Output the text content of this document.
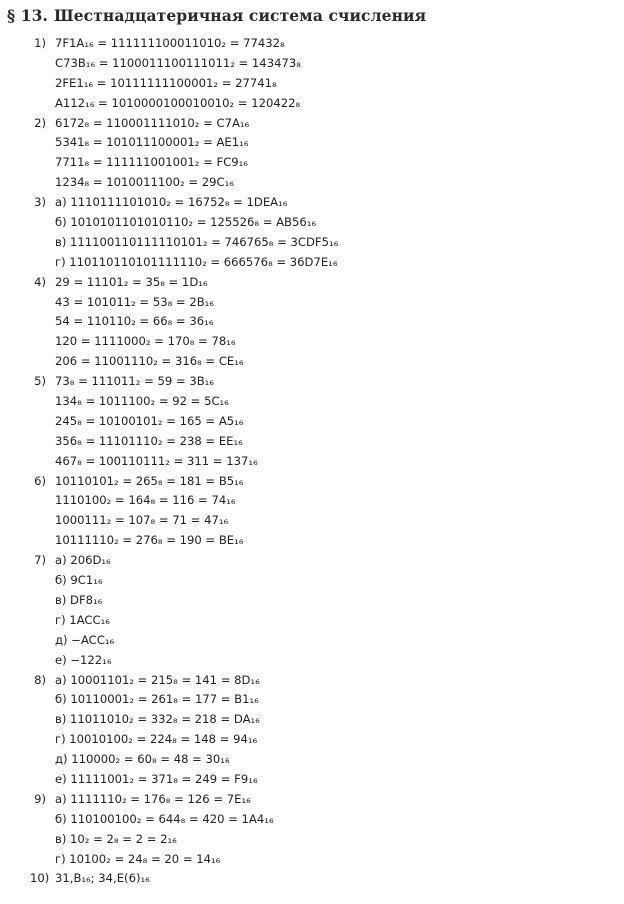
§ 13. Шестнадцатеричная система счисления
1) 7F1A₁₆ = 111111100011010₂ = 77432₈
C73B₁₆ = 1100011100111011₂ = 143473₈
2FE1₁₆ = 10111111100001₂ = 27741₈
A112₁₆ = 1010000100010010₂ = 120422₈
2) 6172₈ = 110001111010₂ = C7A₁₆
5341₈ = 101011100001₂ = AE1₁₆
7711₈ = 111111001001₂ = FC9₁₆
1234₈ = 1010011100₂ = 29C₁₆
3) а) 1110111101010₂ = 16752₈ = 1DEA₁₆
б) 1010101101010110₂ = 125526₈ = AB56₁₆
в) 111100110111110101₂ = 746765₈ = 3CDF5₁₆
г) 110110110101111110₂ = 666576₈ = 36D7E₁₆
4) 29 = 11101₂ = 35₈ = 1D₁₆
43 = 101011₂ = 53₈ = 2B₁₆
54 = 110110₂ = 66₈ = 36₁₆
120 = 1111000₂ = 170₈ = 78₁₆
206 = 11001110₂ = 316₈ = CE₁₆
5) 73₈ = 111011₂ = 59 = 3B₁₆
134₈ = 1011100₂ = 92 = 5C₁₆
245₈ = 10100101₂ = 165 = A5₁₆
356₈ = 11101110₂ = 238 = EE₁₆
467₈ = 100110111₂ = 311 = 137₁₆
6) 10110101₂ = 265₈ = 181 = B5₁₆
1110100₂ = 164₈ = 116 = 74₁₆
1000111₂ = 107₈ = 71 = 47₁₆
10111110₂ = 276₈ = 190 = BE₁₆
7) а) 206D₁₆
б) 9C1₁₆
в) DF8₁₆
г) 1ACC₁₆
д) −ACC₁₆
е) −122₁₆
8) а) 10001101₂ = 215₈ = 141 = 8D₁₆
б) 10110001₂ = 261₈ = 177 = B1₁₆
в) 11011010₂ = 332₈ = 218 = DA₁₆
г) 10010100₂ = 224₈ = 148 = 94₁₆
д) 110000₂ = 60₈ = 48 = 30₁₆
е) 11111001₂ = 371₈ = 249 = F9₁₆
9) а) 1111110₂ = 176₈ = 126 = 7E₁₆
б) 110100100₂ = 644₈ = 420 = 1A4₁₆
в) 10₂ = 2₈ = 2 = 2₁₆
г) 10100₂ = 24₈ = 20 = 14₁₆
10) 31,B₁₆; 34,E(6)₁₆
